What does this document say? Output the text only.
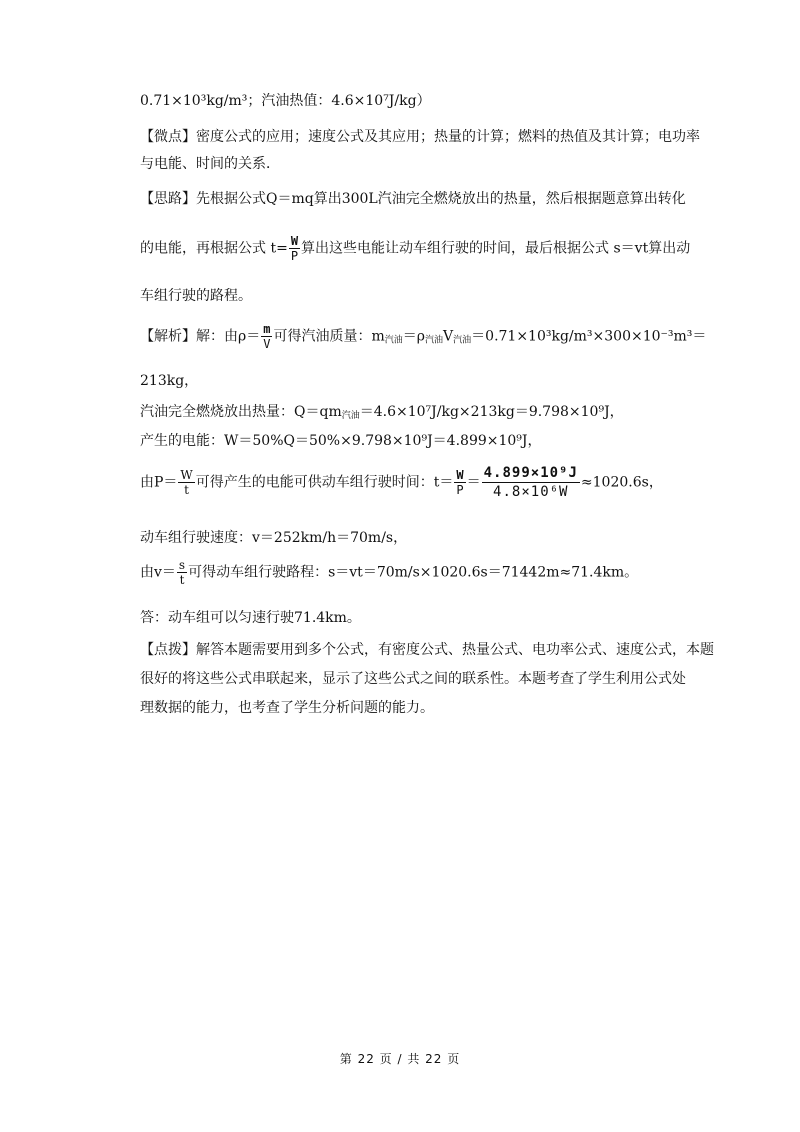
0.71×10³kg/m³；汽油热值：4.6×10⁷J/kg）
【微点】密度公式的应用；速度公式及其应用；热量的计算；燃料的热值及其计算；电功率
与电能、时间的关系．
【思路】先根据公式Q＝mq算出300L汽油完全燃烧放出的热量，然后根据题意算出转化
的电能，再根据公式 $t= \frac{W}{P}$ 算出这些电能让动车组行驶的时间，最后根据公式 s＝vt算出动
车组行驶的路程。
【解析】解：由$\rho= \frac{m}{V}$ 可得汽油质量：$m_{汽油}=\rho_{汽油}V_{汽油}=0.71\times 10^3kg/m^3\times 300\times 10^{-3}m^3=$
213kg，
汽油完全燃烧放出热量：$Q=qm_{汽油}=4.6\times 10^7J/kg\times 213kg=9.798\times 10^9J$，
产生的电能：W＝50%Q＝50%×9.798×10⁹J＝4.899×10⁹J，
由$P= \frac{W}{t}$ 可得产生的电能可供动车组行驶时间：$t= \frac{W}{P} = \frac{\text{4.899×10⁹J}}{\text{4.8×10⁶W}} \approx 1020.6s$，
动车组行驶速度：v＝252km/h＝70m/s，
由$v= \frac{s}{t}$ 可得动车组行驶路程：s＝vt＝70m/s×1020.6s＝71442m≈71.4km。
答：动车组可以匀速行驶71.4km。
【点拨】解答本题需要用到多个公式，有密度公式、热量公式、电功率公式、速度公式，本题
很好的将这些公式串联起来，显示了这些公式之间的联系性。本题考查了学生利用公式处
理数据的能力，也考查了学生分析问题的能力。
第 22 页 / 共 22 页
